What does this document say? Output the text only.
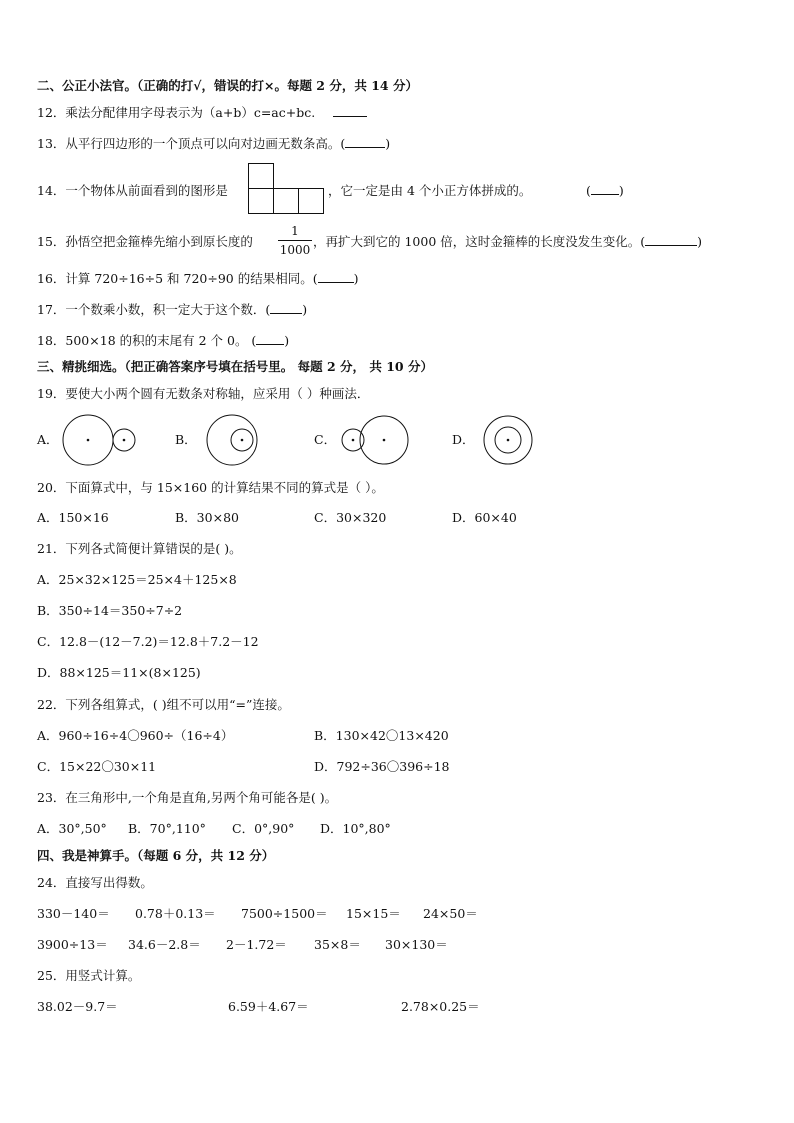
二、公正小法官。（正确的打√，错误的打×。每题 2 分，共 14 分）
12．乘法分配律用字母表示为（a+b）c=ac+bc.
13．从平行四边形的一个顶点可以向对边画无数条高。(	)
14．一个物体从前面看到的图形是	，它一定是由 4 个小正方体拼成的。	( )
15．孙悟空把金箍棒先缩小到原长度的
1
1000
，再扩大到它的 1000 倍，这时金箍棒的长度没发生变化。(	)
16．计算 720÷16÷5 和 720÷90 的结果相同。(	)
17．一个数乘小数，积一定大于这个数．(	)
18．500×18 的积的末尾有 2 个 0。 ( )
三、精挑细选。（把正确答案序号填在括号里。 每题 2 分， 共 10 分）
19．要使大小两个圆有无数条对称轴，应采用（ ）种画法．
A．	B．	C．	D．
20．下面算式中，与 15×160 的计算结果不同的算式是（ ）。
A．150×16	B．30×80	C．30×320	D．60×40
21．下列各式简便计算错误的是( )。
A．25×32×125＝25×4＋125×8
B．350÷14＝350÷7÷2
C．12.8－(12－7.2)＝12.8＋7.2－12
D．88×125＝11×(8×125)
22．下列各组算式，( )组不可以用“=”连接。
A．960÷16÷4〇960÷（16÷4）	B．130×42〇13×420
C．15×22〇30×11	D．792÷36〇396÷18
23．在三角形中,一个角是直角,另两个角可能各是( )。
A．30°,50° B．70°,110° C．0°,90° D．10°,80°
四、我是神算手。（每题 6 分，共 12 分）
24．直接写出得数。
330－140＝ 0.78＋0.13＝ 7500÷1500＝ 15×15＝ 24×50＝
3900÷13＝ 34.6－2.8＝ 2－1.72＝ 35×8＝ 30×130＝
25．用竖式计算。
38.02－9.7＝	6.59＋4.67＝	2.78×0.25＝
